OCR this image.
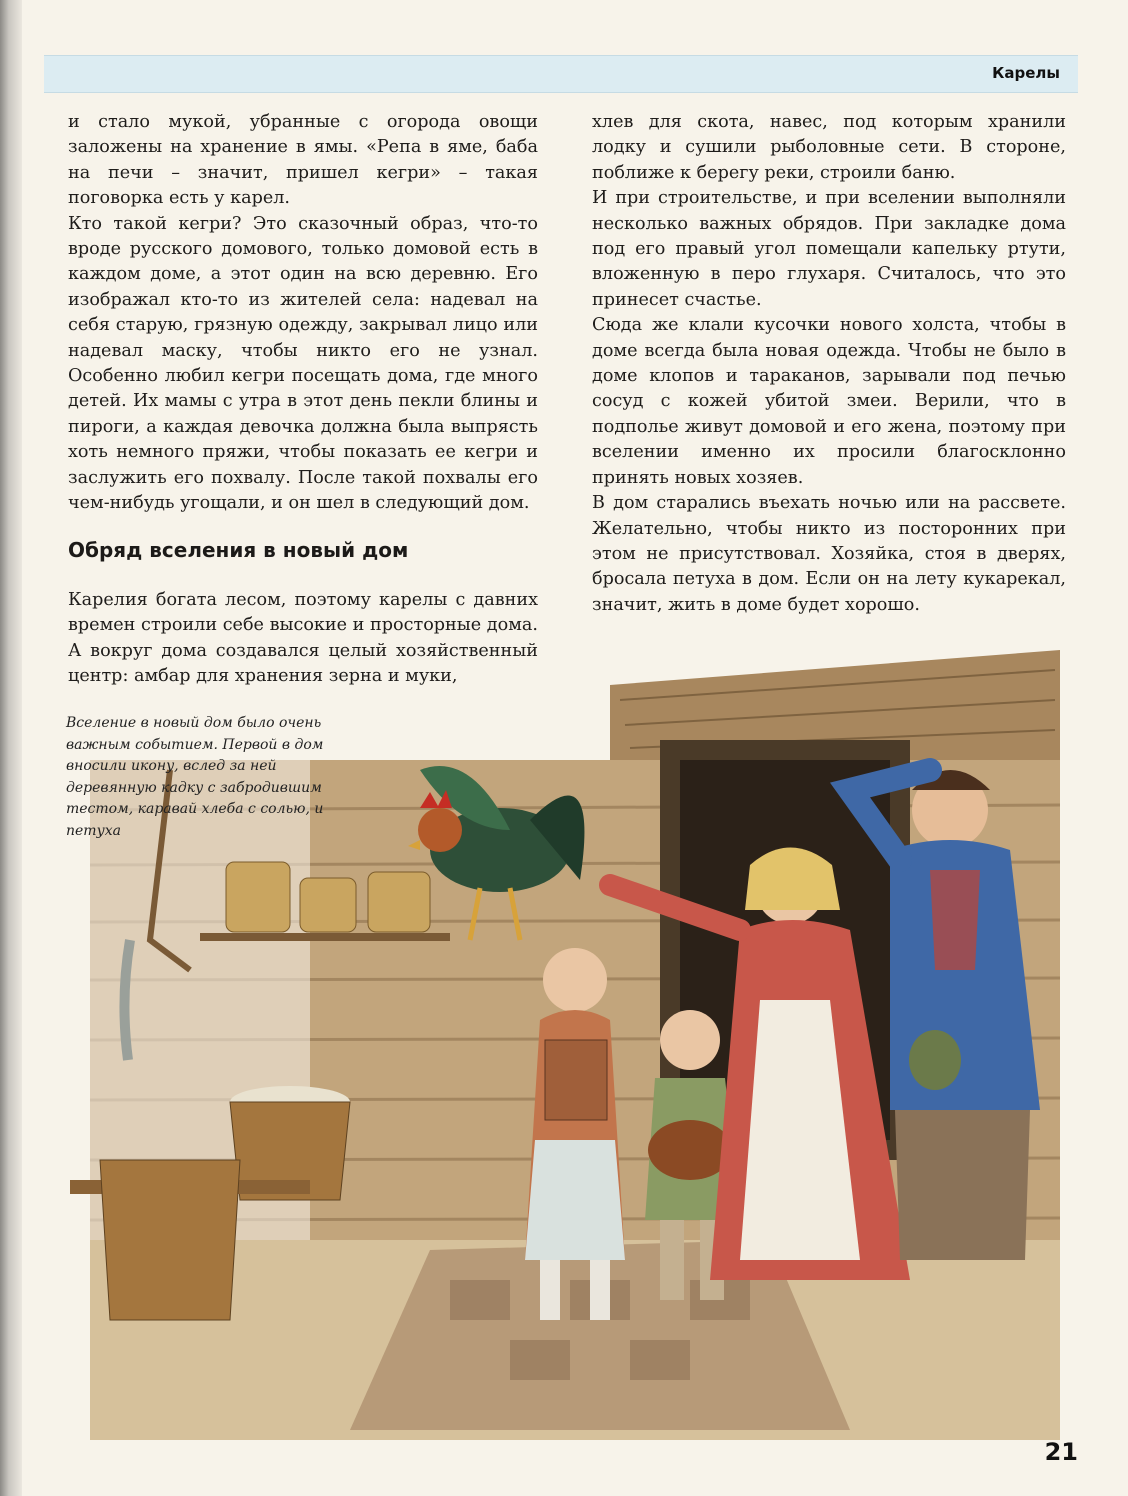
Карелы

и стало мукой, убранные с огорода овощи заложены на хранение в ямы. «Репа в яме, баба на печи – значит, пришел кегри» – такая поговорка есть у карел.

Кто такой кегри? Это сказочный образ, что-то вроде русского домового, только домовой есть в каждом доме, а этот один на всю деревню. Его изображал кто-то из жителей села: надевал на себя старую, грязную одежду, закрывал лицо или надевал маску, чтобы никто его не узнал. Особенно любил кегри посещать дома, где много детей. Их мамы с утра в этот день пекли блины и пироги, а каждая девочка должна была выпрясть хоть немного пряжи, чтобы показать ее кегри и заслужить его похвалу. После такой похвалы его чем-нибудь угощали, и он шел в следующий дом.

Обряд вселения в новый дом

Карелия богата лесом, поэтому карелы с давних времен строили себе высокие и просторные дома. А вокруг дома создавался целый хозяйственный центр: амбар для хранения зерна и муки,

хлев для скота, навес, под которым хранили лодку и сушили рыболовные сети. В стороне, поближе к берегу реки, строили баню.

И при строительстве, и при вселении выполняли несколько важных обрядов. При закладке дома под его правый угол помещали капельку ртути, вложенную в перо глухаря. Считалось, что это принесет счастье.

Сюда же клали кусочки нового холста, чтобы в доме всегда была новая одежда. Чтобы не было в доме клопов и тараканов, зарывали под печью сосуд с кожей убитой змеи. Верили, что в подполье живут домовой и его жена, поэтому при вселении именно их просили благосклонно принять новых хозяев.

В дом старались въехать ночью или на рассвете. Желательно, чтобы никто из посторонних при этом не присутствовал. Хозяйка, стоя в дверях, бросала петуха в дом. Если он на лету кукарекал, значит, жить в доме будет хорошо.

Вселение в новый дом было очень важным событием. Первой в дом вносили икону, вслед за ней деревянную кадку с забродившим тестом, каравай хлеба с солью, и петуха
21
